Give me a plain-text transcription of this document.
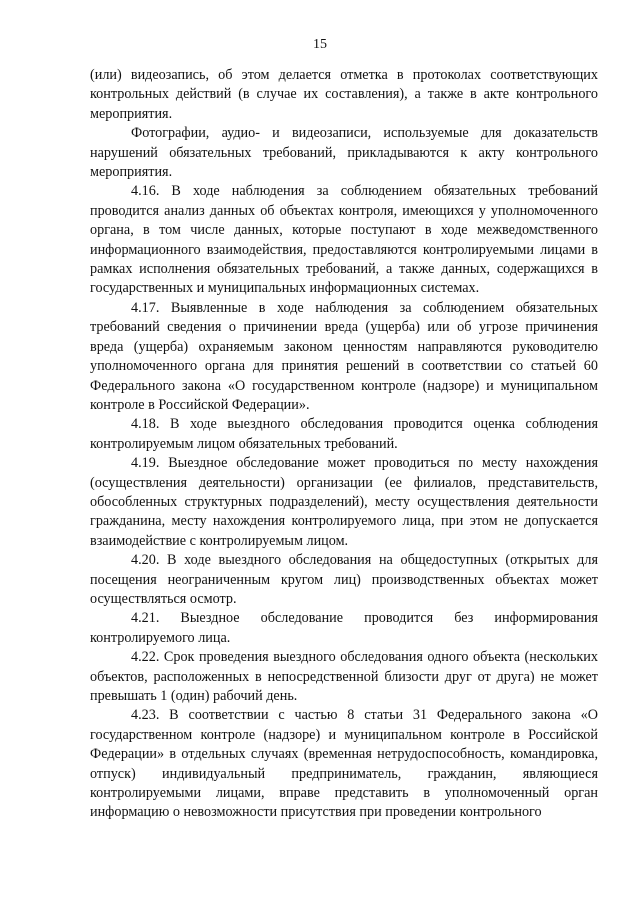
15

(или) видеозапись, об этом делается отметка в протоколах соответствующих контрольных действий (в случае их составления), а также в акте контрольного мероприятия.

Фотографии, аудио- и видеозаписи, используемые для доказательств нарушений обязательных требований, прикладываются к акту контрольного мероприятия.

4.16. В ходе наблюдения за соблюдением обязательных требований проводится анализ данных об объектах контроля, имеющихся у уполномоченного органа, в том числе данных, которые поступают в ходе межведомственного информационного взаимодействия, предоставляются контролируемыми лицами в рамках исполнения обязательных требований, а также данных, содержащихся в государственных и муниципальных информационных системах.

4.17. Выявленные в ходе наблюдения за соблюдением обязательных требований сведения о причинении вреда (ущерба) или об угрозе причинения вреда (ущерба) охраняемым законом ценностям направляются руководителю уполномоченного органа для принятия решений в соответствии со статьей 60 Федерального закона «О государственном контроле (надзоре) и муниципальном контроле в Российской Федерации».

4.18. В ходе выездного обследования проводится оценка соблюдения контролируемым лицом обязательных требований.

4.19. Выездное обследование может проводиться по месту нахождения (осуществления деятельности) организации (ее филиалов, представительств, обособленных структурных подразделений), месту осуществления деятельности гражданина, месту нахождения контролируемого лица, при этом не допускается взаимодействие с контролируемым лицом.

4.20. В ходе выездного обследования на общедоступных (открытых для посещения неограниченным кругом лиц) производственных объектах может осуществляться осмотр.

4.21. Выездное обследование проводится без информирования контролируемого лица.

4.22. Срок проведения выездного обследования одного объекта (нескольких объектов, расположенных в непосредственной близости друг от друга) не может превышать 1 (один) рабочий день.

4.23. В соответствии с частью 8 статьи 31 Федерального закона «О государственном контроле (надзоре) и муниципальном контроле в Российской Федерации» в отдельных случаях (временная нетрудоспособность, командировка, отпуск) индивидуальный предприниматель, гражданин, являющиеся контролируемыми лицами, вправе представить в уполномоченный орган информацию о невозможности присутствия при проведении контрольного
